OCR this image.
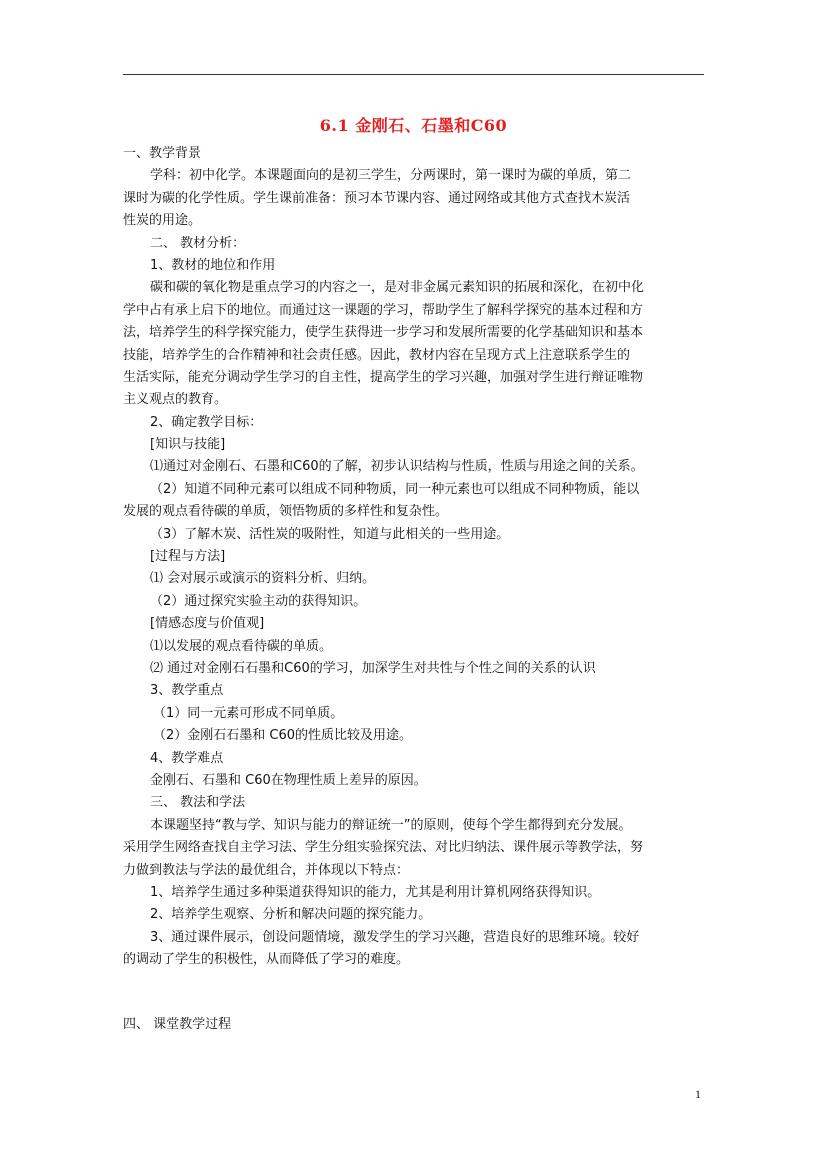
6.1 金刚石、石墨和C60
一、教学背景
学科：初中化学。本课题面向的是初三学生，分两课时，第一课时为碳的单质，第二
课时为碳的化学性质。学生课前准备：预习本节课内容、通过网络或其他方式查找木炭活
性炭的用途。
二、 教材分析：
1、教材的地位和作用
碳和碳的氧化物是重点学习的内容之一，是对非金属元素知识的拓展和深化，在初中化
学中占有承上启下的地位。而通过这一课题的学习，帮助学生了解科学探究的基本过程和方
法，培养学生的科学探究能力，使学生获得进一步学习和发展所需要的化学基础知识和基本
技能，培养学生的合作精神和社会责任感。因此，教材内容在呈现方式上注意联系学生的
生活实际，能充分调动学生学习的自主性，提高学生的学习兴趣，加强对学生进行辩证唯物
主义观点的教育。
2、确定教学目标：
[知识与技能]
⑴通过对金刚石、石墨和C60的了解，初步认识结构与性质，性质与用途之间的关系。
（2）知道不同种元素可以组成不同种物质，同一种元素也可以组成不同种物质，能以
发展的观点看待碳的单质，领悟物质的多样性和复杂性。
（3）了解木炭、活性炭的吸附性，知道与此相关的一些用途。
[过程与方法]
⑴ 会对展示或演示的资料分析、归纳。
（2）通过探究实验主动的获得知识。
[情感态度与价值观]
⑴以发展的观点看待碳的单质。
⑵ 通过对金刚石石墨和C60的学习，加深学生对共性与个性之间的关系的认识
3、教学重点
（1）同一元素可形成不同单质。
（2）金刚石石墨和 C60的性质比较及用途。
4、教学难点
金刚石、石墨和 C60在物理性质上差异的原因。
三、 教法和学法
本课题坚持“教与学、知识与能力的辩证统一”的原则，使每个学生都得到充分发展。
采用学生网络查找自主学习法、学生分组实验探究法、对比归纳法、课件展示等教学法，努
力做到教法与学法的最优组合，并体现以下特点：
1、培养学生通过多种渠道获得知识的能力，尤其是利用计算机网络获得知识。
2、培养学生观察、分析和解决问题的探究能力。
3、通过课件展示，创设问题情境，激发学生的学习兴趣，营造良好的思维环境。较好
的调动了学生的积极性，从而降低了学习的难度。
四、 课堂教学过程
1
